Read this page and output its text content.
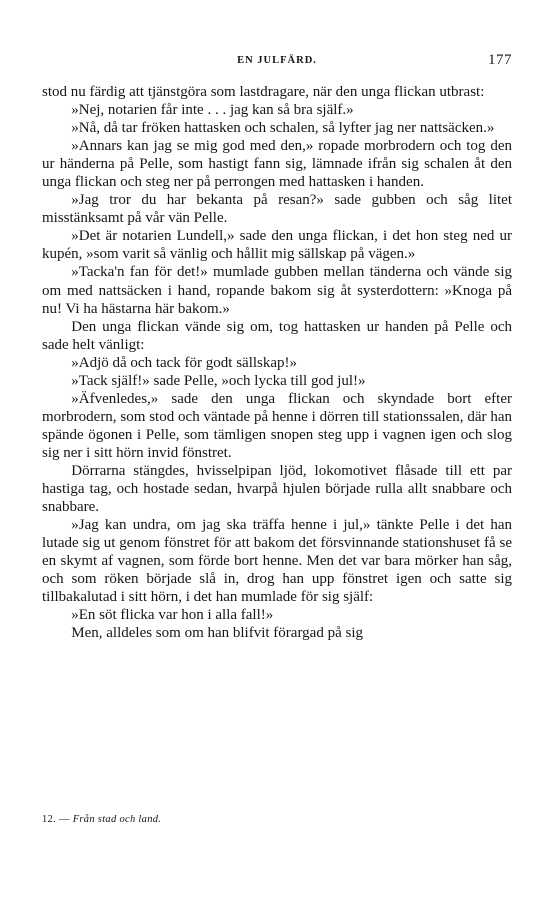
EN JULFÄRD.	177

stod nu färdig att tjänstgöra som lastdragare, när den unga flickan utbrast:

»Nej, notarien får inte . . . jag kan så bra själf.»

»Nå, då tar fröken hattasken och schalen, så lyfter jag ner nattsäcken.»

»Annars kan jag se mig god med den,» ropade morbrodern och tog den ur händerna på Pelle, som hastigt fann sig, lämnade ifrån sig schalen åt den unga flickan och steg ner på perrongen med hattasken i handen.

»Jag tror du har bekanta på resan?» sade gubben och såg litet misstänksamt på vår vän Pelle.

»Det är notarien Lundell,» sade den unga flickan, i det hon steg ned ur kupén, »som varit så vänlig och hållit mig sällskap på vägen.»

»Tacka'n fan för det!» mumlade gubben mellan tänderna och vände sig om med nattsäcken i hand, ropande bakom sig åt systerdottern: »Knoga på nu! Vi ha hästarna här bakom.»

Den unga flickan vände sig om, tog hattasken ur handen på Pelle och sade helt vänligt:

»Adjö då och tack för godt sällskap!»

»Tack själf!» sade Pelle, »och lycka till god jul!»

»Äfvenledes,» sade den unga flickan och skyndade bort efter morbrodern, som stod och väntade på henne i dörren till stationssalen, där han spände ögonen i Pelle, som tämligen snopen steg upp i vagnen igen och slog sig ner i sitt hörn invid fönstret.

Dörrarna stängdes, hvisselpipan ljöd, lokomotivet flåsade till ett par hastiga tag, och hostade sedan, hvarpå hjulen började rulla allt snabbare och snabbare.

»Jag kan undra, om jag ska träffa henne i jul,» tänkte Pelle i det han lutade sig ut genom fönstret för att bakom det försvinnande stationshuset få se en skymt af vagnen, som förde bort henne. Men det var bara mörker han såg, och som röken började slå in, drog han upp fönstret igen och satte sig tillbakalutad i sitt hörn, i det han mumlade för sig själf:

»En söt flicka var hon i alla fall!»

Men, alldeles som om han blifvit förargad på sig

12. — Från stad och land.
